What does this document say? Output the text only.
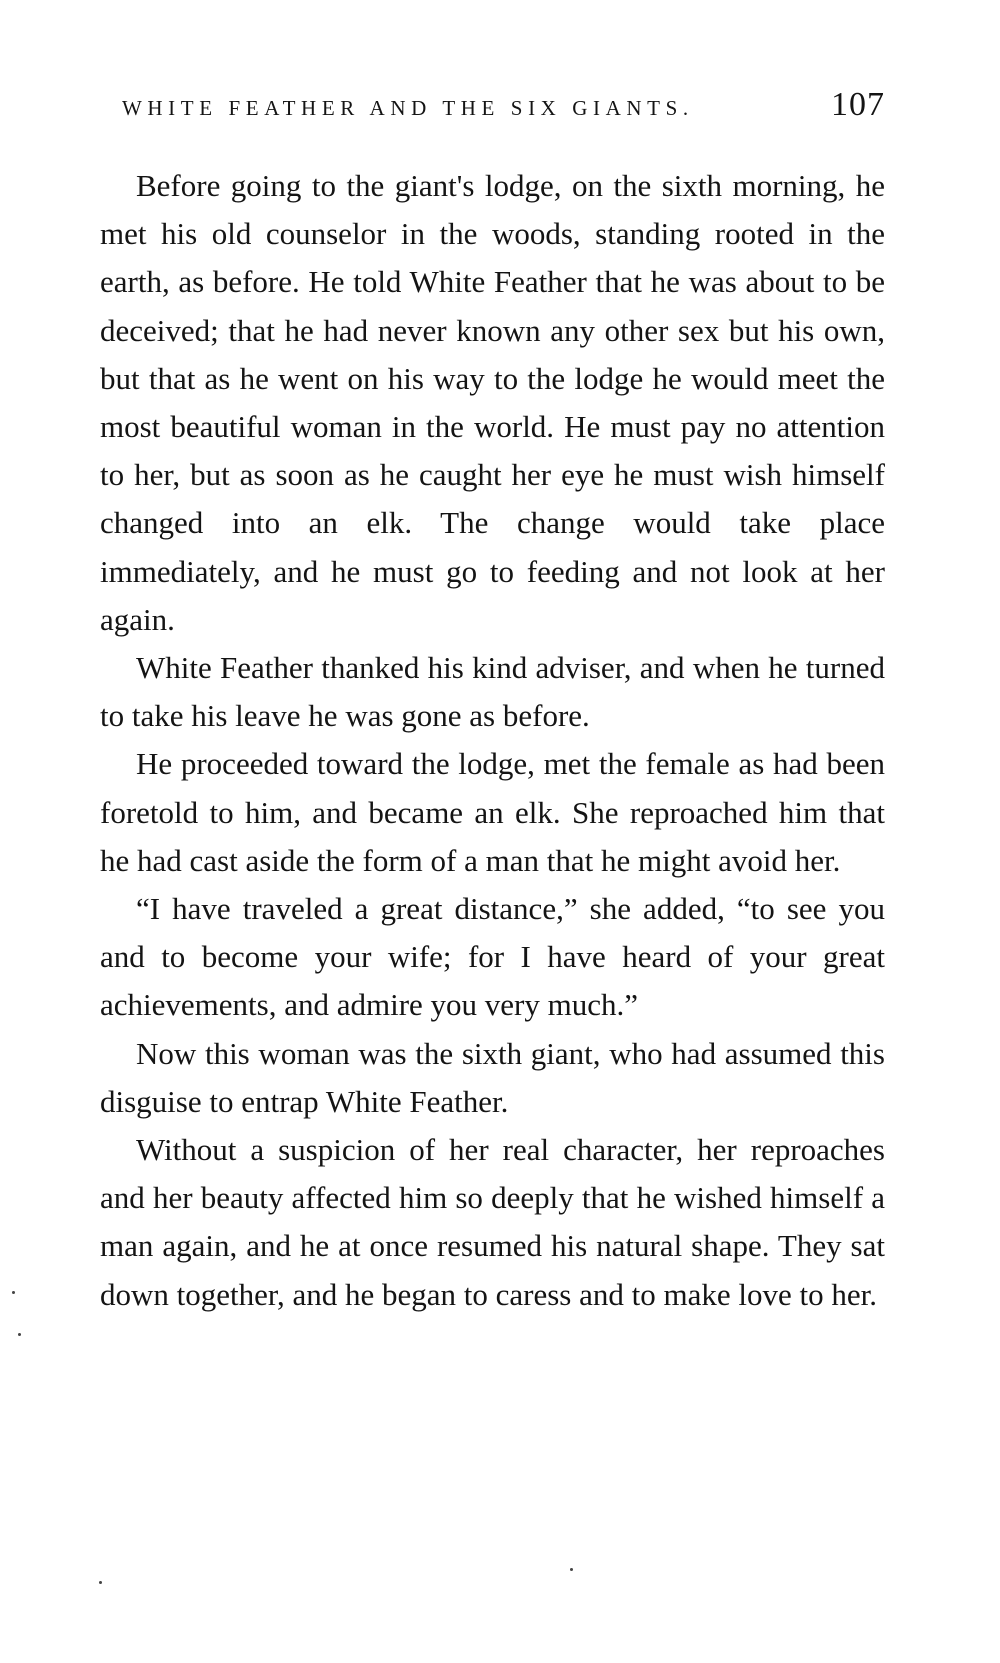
WHITE FEATHER AND THE SIX GIANTS.	107

Before going to the giant's lodge, on the sixth morning, he met his old counselor in the woods, standing rooted in the earth, as before. He told White Feather that he was about to be deceived; that he had never known any other sex but his own, but that as he went on his way to the lodge he would meet the most beautiful woman in the world. He must pay no attention to her, but as soon as he caught her eye he must wish himself changed into an elk. The change would take place immediately, and he must go to feeding and not look at her again.

White Feather thanked his kind adviser, and when he turned to take his leave he was gone as before.

He proceeded toward the lodge, met the female as had been foretold to him, and became an elk. She reproached him that he had cast aside the form of a man that he might avoid her.

“I have traveled a great distance,” she added, “to see you and to become your wife; for I have heard of your great achievements, and admire you very much.”

Now this woman was the sixth giant, who had assumed this disguise to entrap White Feather.

Without a suspicion of her real character, her reproaches and her beauty affected him so deeply that he wished himself a man again, and he at once resumed his natural shape. They sat down together, and he began to caress and to make love to her.
